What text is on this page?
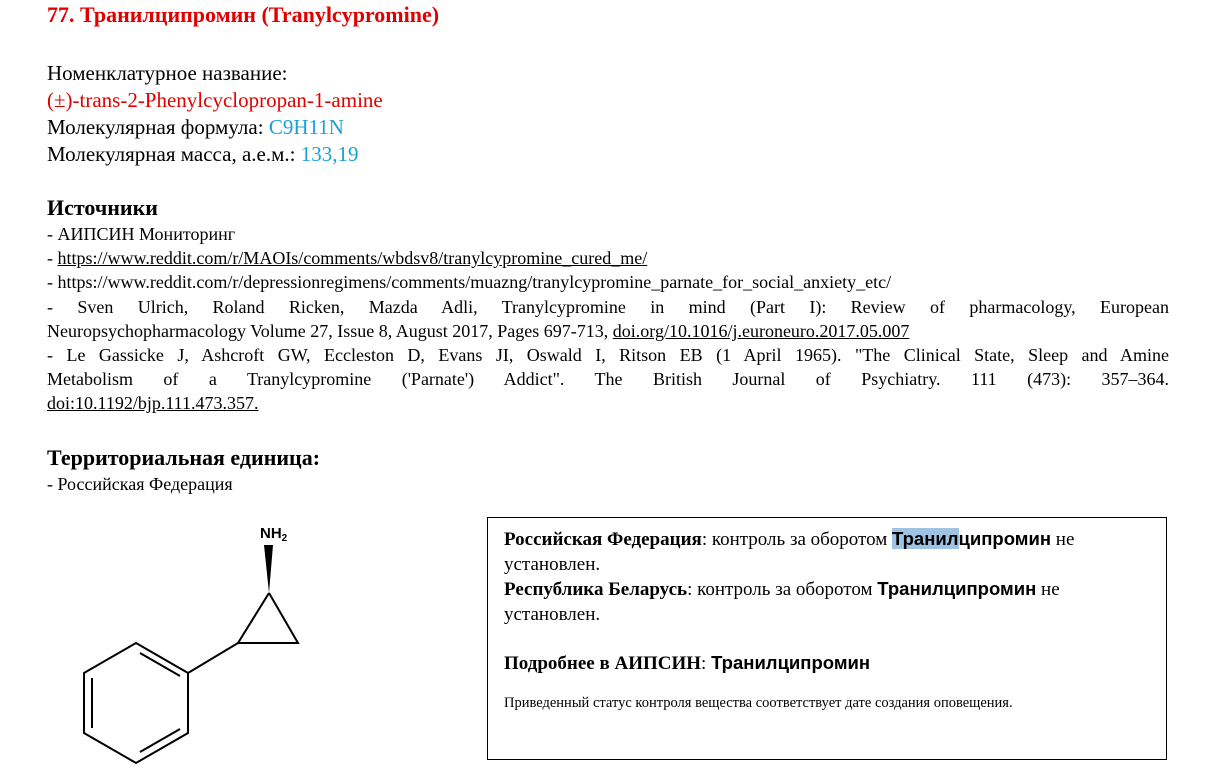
77. Транилципромин (Tranylcypromine)
Номенклатурное название:
(±)-trans-2-Phenylcyclopropan-1-amine
Молекулярная формула: C9H11N
Молекулярная масса, а.е.м.: 133,19
Источники
- АИПСИН Мониторинг
- https://www.reddit.com/r/MAOIs/comments/wbdsv8/tranylcypromine_cured_me/
- https://www.reddit.com/r/depressionregimens/comments/muazng/tranylcypromine_parnate_for_social_anxiety_etc/
- Sven Ulrich, Roland Ricken, Mazda Adli, Tranylcypromine in mind (Part I): Review of pharmacology, European
Neuropsychopharmacology Volume 27, Issue 8, August 2017, Pages 697-713, doi.org/10.1016/j.euroneuro.2017.05.007
- Le Gassicke J, Ashcroft GW, Eccleston D, Evans JI, Oswald I, Ritson EB (1 April 1965). "The Clinical State, Sleep and Amine
Metabolism of a Tranylcypromine ('Parnate') Addict". The British Journal of Psychiatry. 111 (473): 357–364.
doi:10.1192/bjp.111.473.357.
Территориальная единица:
- Российская Федерация
$NH_2$	Российская Федерация: контроль за оборотом Транилципромин не установлен.

Республика Беларусь: контроль за оборотом Транилципромин не установлен.

Подробнее в АИПСИН: Транилципромин

Приведенный статус контроля вещества соответствует дате создания оповещения.
